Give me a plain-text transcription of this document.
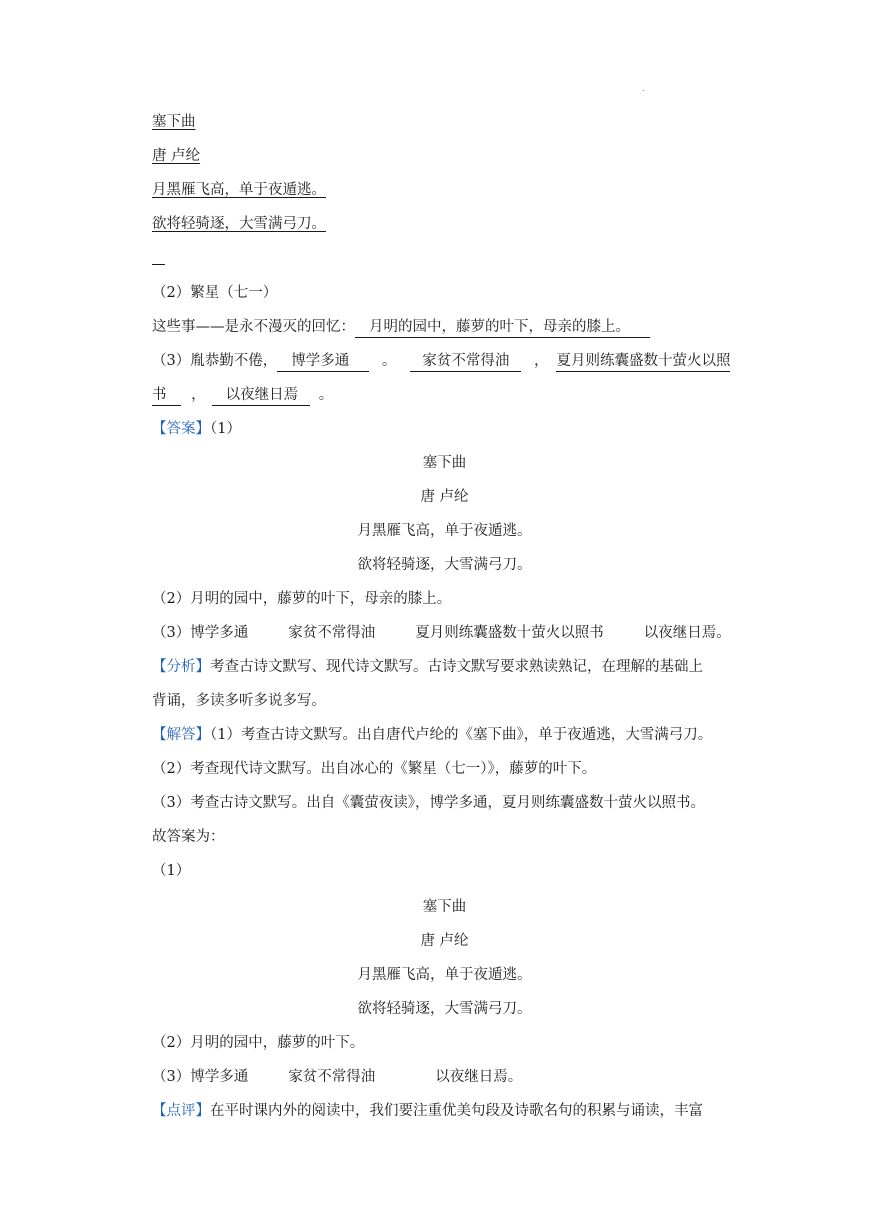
.
塞下曲
唐 卢纶
月黑雁飞高，单于夜遁逃。
欲将轻骑逐，大雪满弓刀。
（2）繁星（七一）
这些事——是永不漫灭的回忆： 月明的园中，藤萝的叶下，母亲的膝上。
（3）胤恭勤不倦， 博学多通 。 家贫不常得油 ， 夏月则练囊盛数十萤火以照
书 ， 以夜继日焉 。
【答案】（1）
塞下曲
唐 卢纶
月黑雁飞高，单于夜遁逃。
欲将轻骑逐，大雪满弓刀。
（2）月明的园中，藤萝的叶下，母亲的膝上。
（3）博学多通	家贫不常得油	夏月则练囊盛数十萤火以照书	以夜继日焉。
【分析】考查古诗文默写、现代诗文默写。古诗文默写要求熟读熟记，在理解的基础上
背诵，多读多听多说多写。
【解答】（1）考查古诗文默写。出自唐代卢纶的《塞下曲》，单于夜遁逃，大雪满弓刀。
（2）考查现代诗文默写。出自冰心的《繁星（七一）》，藤萝的叶下。
（3）考查古诗文默写。出自《囊萤夜读》，博学多通，夏月则练囊盛数十萤火以照书。
故答案为：
（1）
塞下曲
唐 卢纶
月黑雁飞高，单于夜遁逃。
欲将轻骑逐，大雪满弓刀。
（2）月明的园中，藤萝的叶下。
（3）博学多通	家贫不常得油	以夜继日焉。
【点评】在平时课内外的阅读中，我们要注重优美句段及诗歌名句的积累与诵读，丰富
